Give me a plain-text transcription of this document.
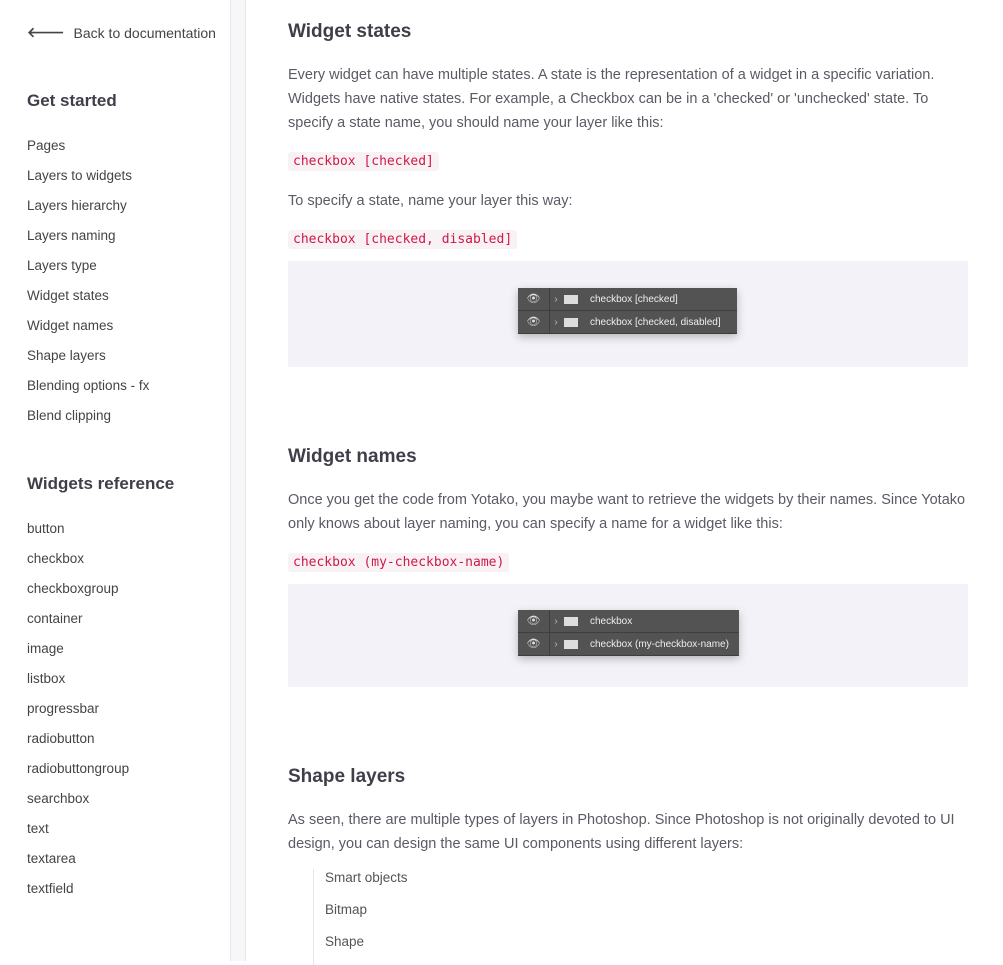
🡐 Back to documentation
Get started
Pages
Layers to widgets
Layers hierarchy
Layers naming
Layers type
Widget states
Widget names
Shape layers
Blending options - fx
Blend clipping
Widgets reference
button
checkbox
checkboxgroup
container
image
listbox
progressbar
radiobutton
radiobuttongroup
searchbox
text
textarea
textfield
Widget states

Every widget can have multiple states. A state is the representation of a widget in a specific variation. Widgets have native states. For example, a Checkbox can be in a 'checked' or 'unchecked' state. To specify a state name, you should name your layer like this:

checkbox [checked]

To specify a state, name your layer this way:

checkbox [checked, disabled]
👁	›	checkbox [checked]
👁	›	checkbox [checked, disabled]
Widget names

Once you get the code from Yotako, you maybe want to retrieve the widgets by their names. Since Yotako only knows about layer naming, you can specify a name for a widget like this:

checkbox (my-checkbox-name)
👁	›	checkbox
👁	›	checkbox (my-checkbox-name)
Shape layers

As seen, there are multiple types of layers in Photoshop. Since Photoshop is not originally devoted to UI design, you can design the same UI components using different layers:

Smart objects
Bitmap
Shape
